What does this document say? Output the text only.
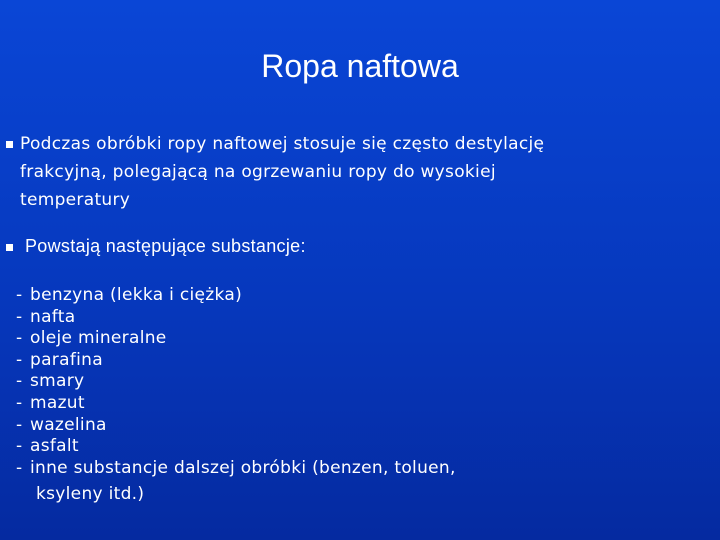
Ropa naftowa
Podczas obróbki ropy naftowej stosuje się często destylację
frakcyjną, polegającą na ogrzewaniu ropy do wysokiej
temperatury
Powstają następujące substancje:
- benzyna (lekka i ciężka)
- nafta
- oleje mineralne
- parafina
- smary
- mazut
- wazelina
- asfalt
- inne substancje dalszej obróbki (benzen, toluen,
ksyleny itd.)
